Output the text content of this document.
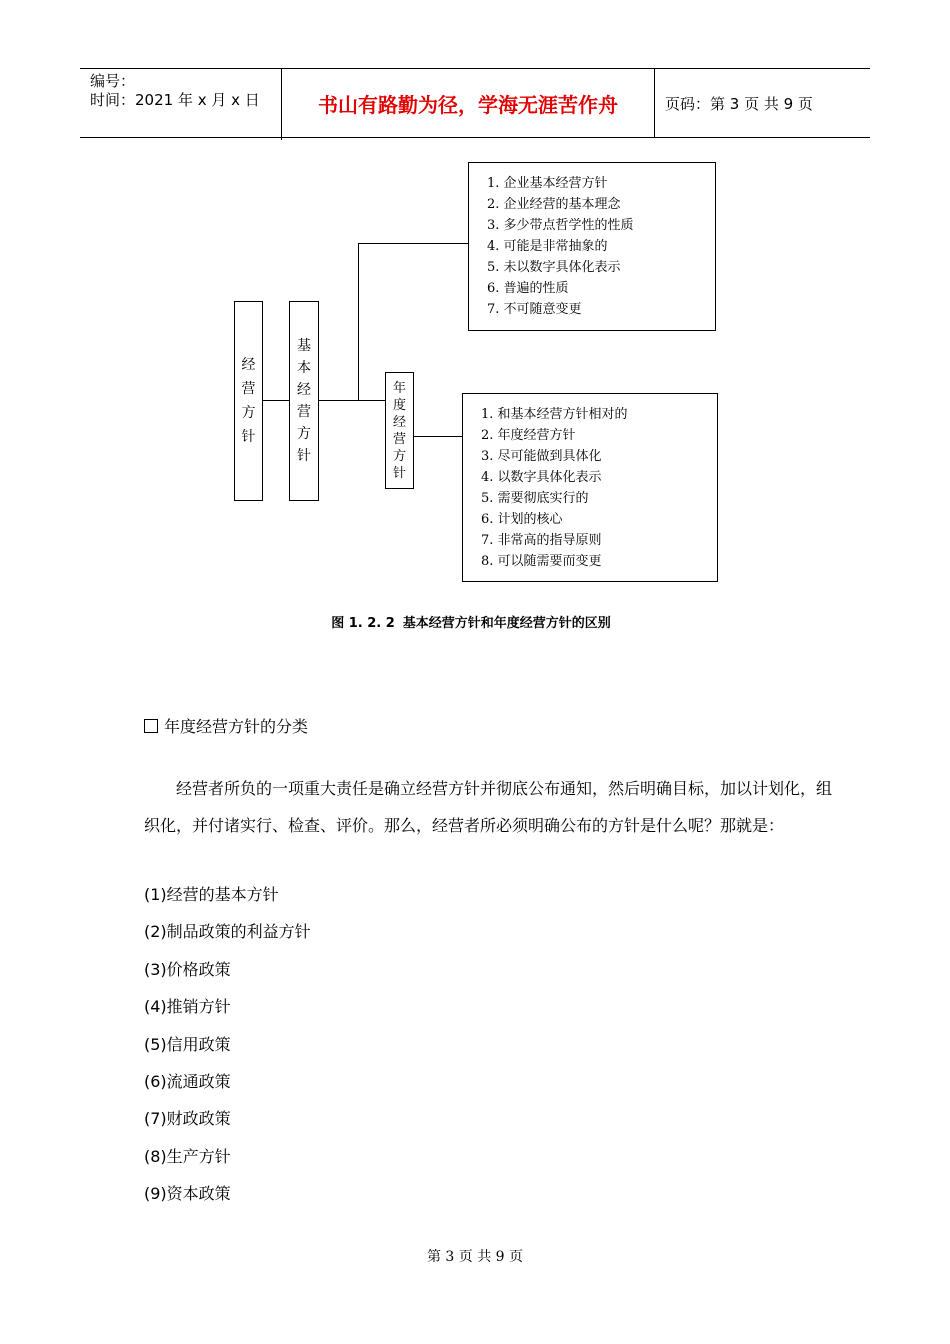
编号：
时间：2021 年 x 月 x 日	书山有路勤为径，学海无涯苦作舟	页码：第 3 页 共 9 页
经
营
方
针
基
本
经
营
方
针
年
度
经
营
方
针
1. 企业基本经营方针
2. 企业经营的基本理念
3. 多少带点哲学性的性质
4. 可能是非常抽象的
5. 未以数字具体化表示
6. 普遍的性质
7. 不可随意变更
1. 和基本经营方针相对的
2. 年度经营方针
3. 尽可能做到具体化
4. 以数字具体化表示
5. 需要彻底实行的
6. 计划的核心
7. 非常高的指导原则
8. 可以随需要而变更
图 1. 2. 2 基本经营方针和年度经营方针的区别
年度经营方针的分类
经营者所负的一项重大责任是确立经营方针并彻底公布通知，然后明确目标，加以计划化，组织化，并付诸实行、检查、评价。那么，经营者所必须明确公布的方针是什么呢？那就是：
(1)经营的基本方针
(2)制品政策的利益方针
(3)价格政策
(4)推销方针
(5)信用政策
(6)流通政策
(7)财政政策
(8)生产方针
(9)资本政策
第 3 页 共 9 页
